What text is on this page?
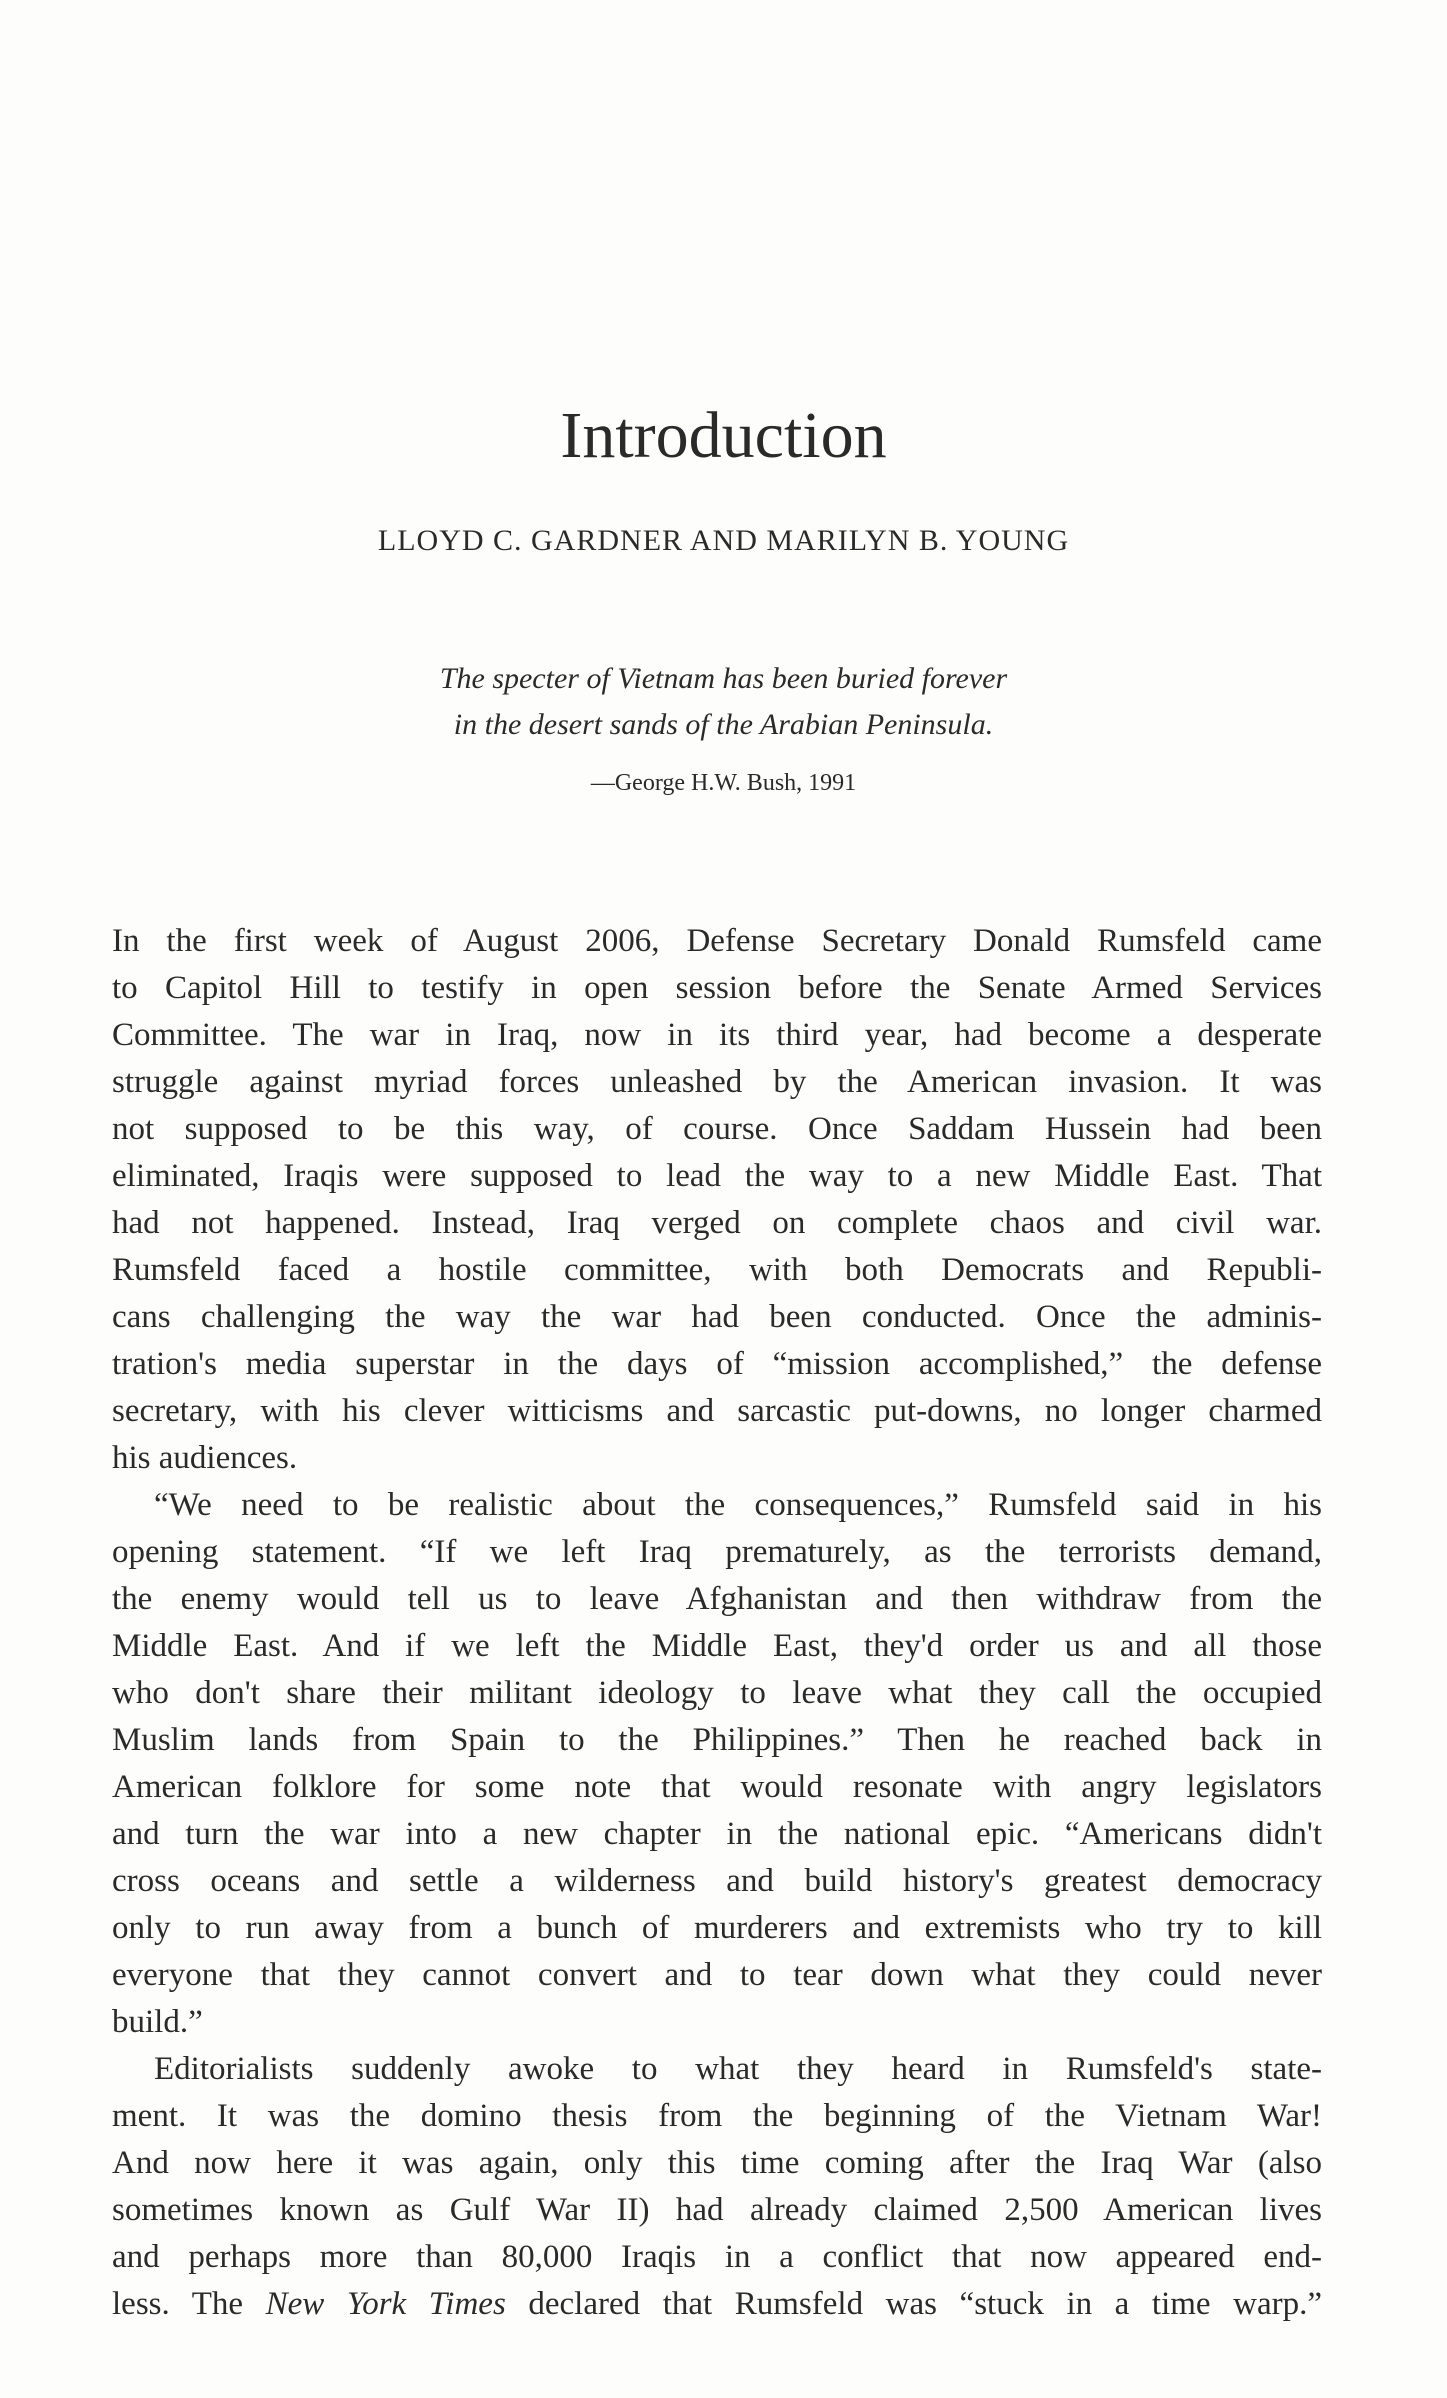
Introduction
LLOYD C. GARDNER AND MARILYN B. YOUNG
The specter of Vietnam has been buried forever
in the desert sands of the Arabian Peninsula.
—George H.W. Bush, 1991
In the first week of August 2006, Defense Secretary Donald Rumsfeld came
to Capitol Hill to testify in open session before the Senate Armed Services
Committee. The war in Iraq, now in its third year, had become a desperate
struggle against myriad forces unleashed by the American invasion. It was
not supposed to be this way, of course. Once Saddam Hussein had been
eliminated, Iraqis were supposed to lead the way to a new Middle East. That
had not happened. Instead, Iraq verged on complete chaos and civil war.
Rumsfeld faced a hostile committee, with both Democrats and Republi-
cans challenging the way the war had been conducted. Once the adminis-
tration's media superstar in the days of “mission accomplished,” the defense
secretary, with his clever witticisms and sarcastic put-downs, no longer charmed
his audiences.
“We need to be realistic about the consequences,” Rumsfeld said in his
opening statement. “If we left Iraq prematurely, as the terrorists demand,
the enemy would tell us to leave Afghanistan and then withdraw from the
Middle East. And if we left the Middle East, they'd order us and all those
who don't share their militant ideology to leave what they call the occupied
Muslim lands from Spain to the Philippines.” Then he reached back in
American folklore for some note that would resonate with angry legislators
and turn the war into a new chapter in the national epic. “Americans didn't
cross oceans and settle a wilderness and build history's greatest democracy
only to run away from a bunch of murderers and extremists who try to kill
everyone that they cannot convert and to tear down what they could never
build.”
Editorialists suddenly awoke to what they heard in Rumsfeld's state-
ment. It was the domino thesis from the beginning of the Vietnam War!
And now here it was again, only this time coming after the Iraq War (also
sometimes known as Gulf War II) had already claimed 2,500 American lives
and perhaps more than 80,000 Iraqis in a conflict that now appeared end-
less. The New York Times declared that Rumsfeld was “stuck in a time warp.”
